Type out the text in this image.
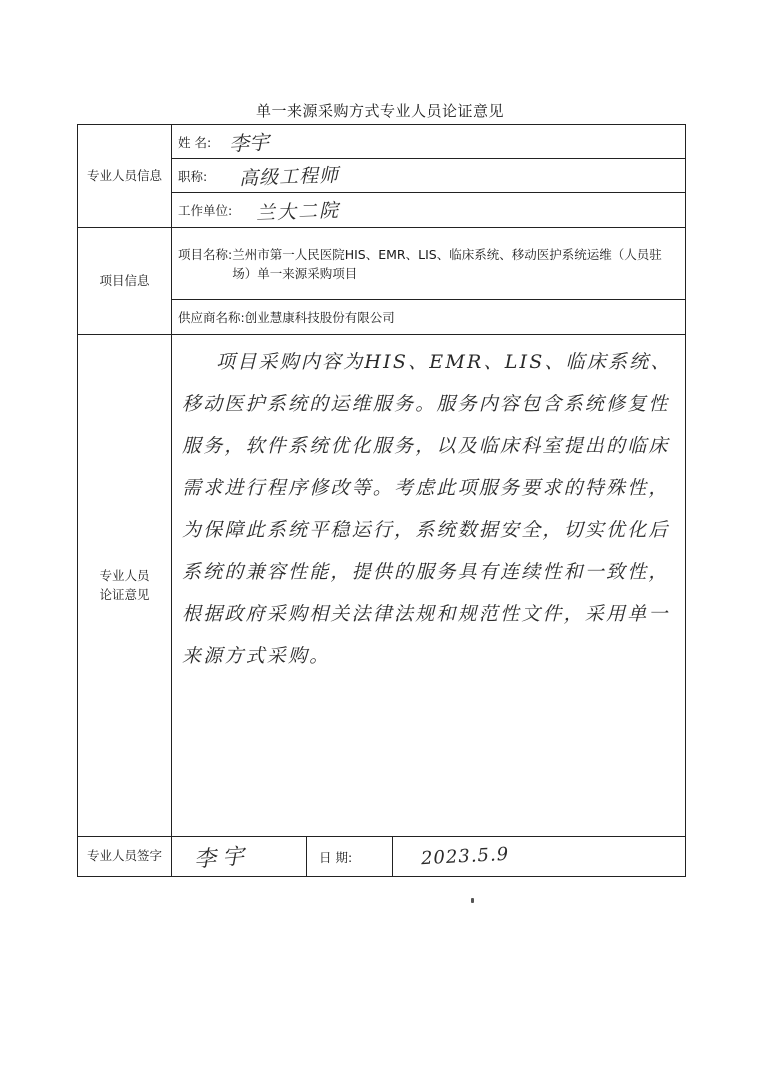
单一来源采购方式专业人员论证意见
专业人员信息	姓 名: 李宇		
	职称: 高级工程师		
	工作单位: 兰大二院		
项目信息	项目名称: 兰州市第一人民医院HIS、EMR、LIS、临床系统、移动医护系统运维（人员驻场）单一来源采购项目		

	供应商名称:创业慧康科技股份有限公司		

专业人员
论证意见	项目采购内容为HIS、EMR、LIS、临床系统、移动医护系统的运维服务。服务内容包含系统修复性服务，软件系统优化服务，以及临床科室提出的临床需求进行程序修改等。考虑此项服务要求的特殊性，为保障此系统平稳运行，系统数据安全，切实优化后系统的兼容性能，提供的服务具有连续性和一致性，根据政府采购相关法律法规和规范性文件，采用单一来源方式采购。		

专业人员签字	李宇	日 期:	2023.5.9
